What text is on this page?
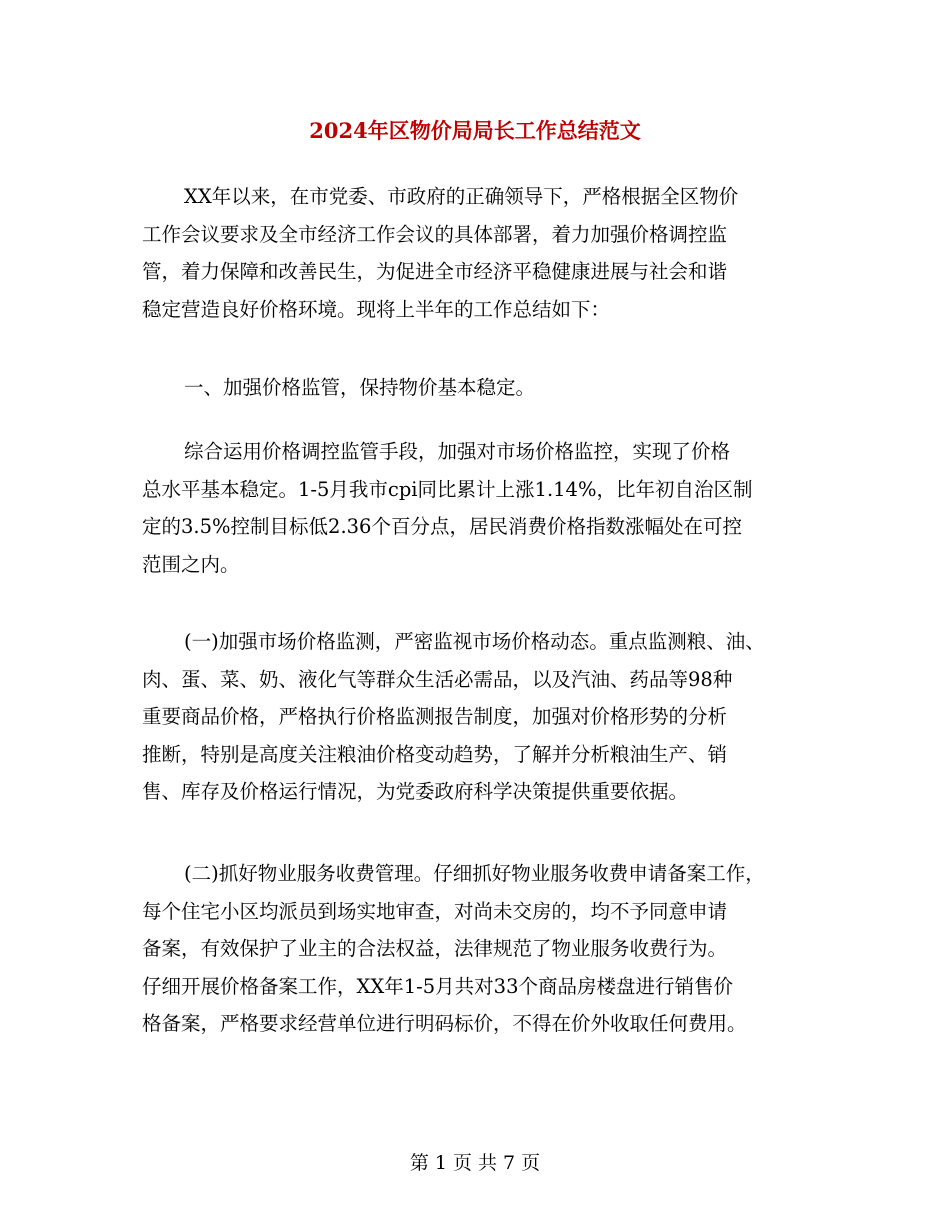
2024年区物价局局长工作总结范文
XX年以来，在市党委、市政府的正确领导下，严格根据全区物价
工作会议要求及全市经济工作会议的具体部署，着力加强价格调控监
管，着力保障和改善民生，为促进全市经济平稳健康进展与社会和谐
稳定营造良好价格环境。现将上半年的工作总结如下：
一、加强价格监管，保持物价基本稳定。
综合运用价格调控监管手段，加强对市场价格监控，实现了价格
总水平基本稳定。1-5月我市cpi同比累计上涨1.14%，比年初自治区制
定的3.5%控制目标低2.36个百分点，居民消费价格指数涨幅处在可控
范围之内。
(一)加强市场价格监测，严密监视市场价格动态。重点监测粮、油、
肉、蛋、菜、奶、液化气等群众生活必需品，以及汽油、药品等98种
重要商品价格，严格执行价格监测报告制度，加强对价格形势的分析
推断，特别是高度关注粮油价格变动趋势，了解并分析粮油生产、销
售、库存及价格运行情况，为党委政府科学决策提供重要依据。
(二)抓好物业服务收费管理。仔细抓好物业服务收费申请备案工作，
每个住宅小区均派员到场实地审查，对尚未交房的，均不予同意申请
备案，有效保护了业主的合法权益，法律规范了物业服务收费行为。
仔细开展价格备案工作，XX年1-5月共对33个商品房楼盘进行销售价
格备案，严格要求经营单位进行明码标价，不得在价外收取任何费用。
第 1 页 共 7 页
